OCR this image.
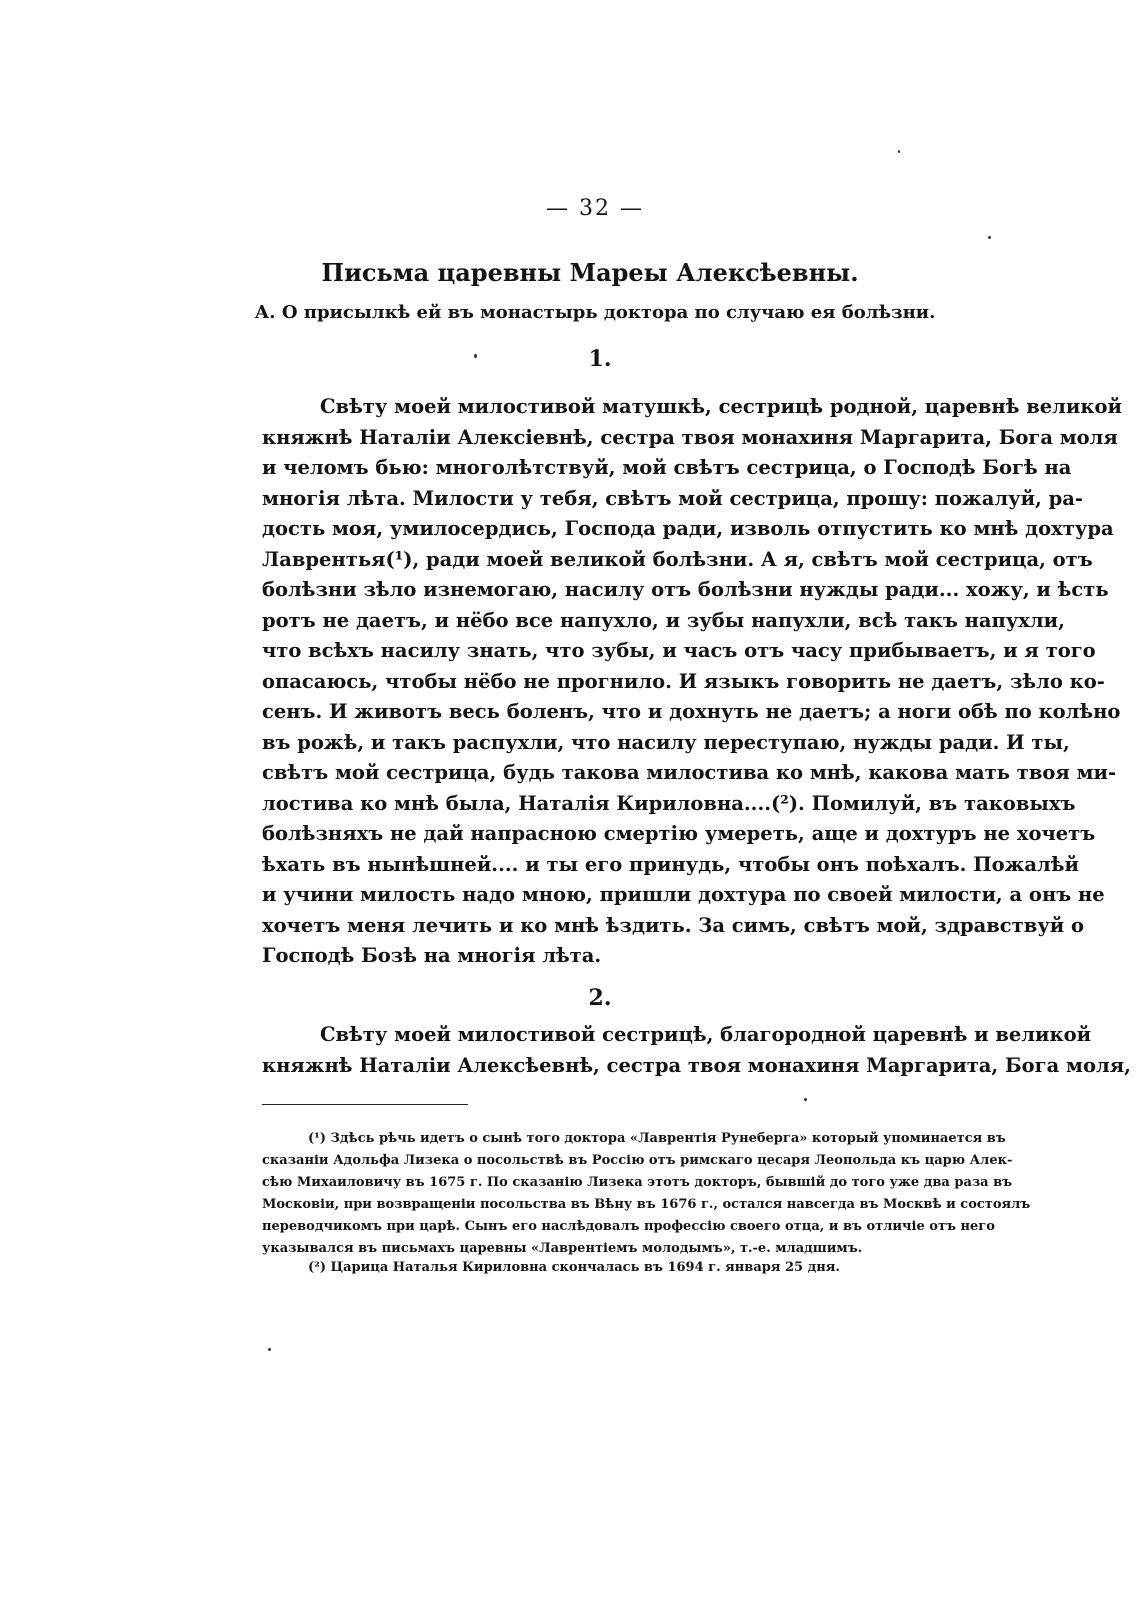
— 32 —
Письма царевны Мареы Алексѣевны.
А. О присылкѣ ей въ монастырь доктора по случаю ея болѣзни.
1.
Свѣту моей милостивой матушкѣ, сестрицѣ родной, царевнѣ великой
княжнѣ Наталіи Алексіевнѣ, сестра твоя монахиня Маргарита, Бога моля
и челомъ бью: многолѣтствуй, мой свѣтъ сестрица, о Господѣ Богѣ на
многія лѣта. Милости у тебя, свѣтъ мой сестрица, прошу: пожалуй, ра-
дость моя, умилосердись, Господа ради, изволь отпустить ко мнѣ дохтура
Лаврентья(¹), ради моей великой болѣзни. А я, свѣтъ мой сестрица, отъ
болѣзни зѣло изнемогаю, насилу отъ болѣзни нужды ради... хожу, и ѣсть
ротъ не даетъ, и нёбо все напухло, и зубы напухли, всѣ такъ напухли,
что всѣхъ насилу знать, что зубы, и часъ отъ часу прибываетъ, и я того
опасаюсь, чтобы нёбо не прогнило. И языкъ говорить не даетъ, зѣло ко-
сенъ. И животъ весь боленъ, что и дохнуть не даетъ; а ноги обѣ по колѣно
въ рожѣ, и такъ распухли, что насилу переступаю, нужды ради. И ты,
свѣтъ мой сестрица, будь такова милостива ко мнѣ, какова мать твоя ми-
лостива ко мнѣ была, Наталія Кириловна....(²). Помилуй, въ таковыхъ
болѣзняхъ не дай напрасною смертію умереть, аще и дохтуръ не хочетъ
ѣхать въ нынѣшней.... и ты его принудь, чтобы онъ поѣхалъ. Пожалѣй
и учини милость надо мною, пришли дохтура по своей милости, а онъ не
хочетъ меня лечить и ко мнѣ ѣздить. За симъ, свѣтъ мой, здравствуй о
Господѣ Бозѣ на многія лѣта.
2.
Свѣту моей милостивой сестрицѣ, благородной царевнѣ и великой
княжнѣ Наталіи Алексѣевнѣ, сестра твоя монахиня Маргарита, Бога моля,
(¹) Здѣсь рѣчь идетъ о сынѣ того доктора «Лаврентія Рунеберга» который упоминается въ
сказаніи Адольфа Лизека о посольствѣ въ Россію отъ римскаго цесаря Леопольда къ царю Алек-
сѣю Михаиловичу въ 1675 г. По сказанію Лизека этотъ докторъ, бывшій до того уже два раза въ
Московіи, при возвращеніи посольства въ Вѣну въ 1676 г., остался навсегда въ Москвѣ и состоялъ
переводчикомъ при царѣ. Сынъ его наслѣдовалъ профессію своего отца, и въ отличіе отъ него
указывался въ письмахъ царевны «Лаврентіемъ молодымъ», т.-е. младшимъ.
(²) Царица Наталья Кириловна скончалась въ 1694 г. января 25 дня.
